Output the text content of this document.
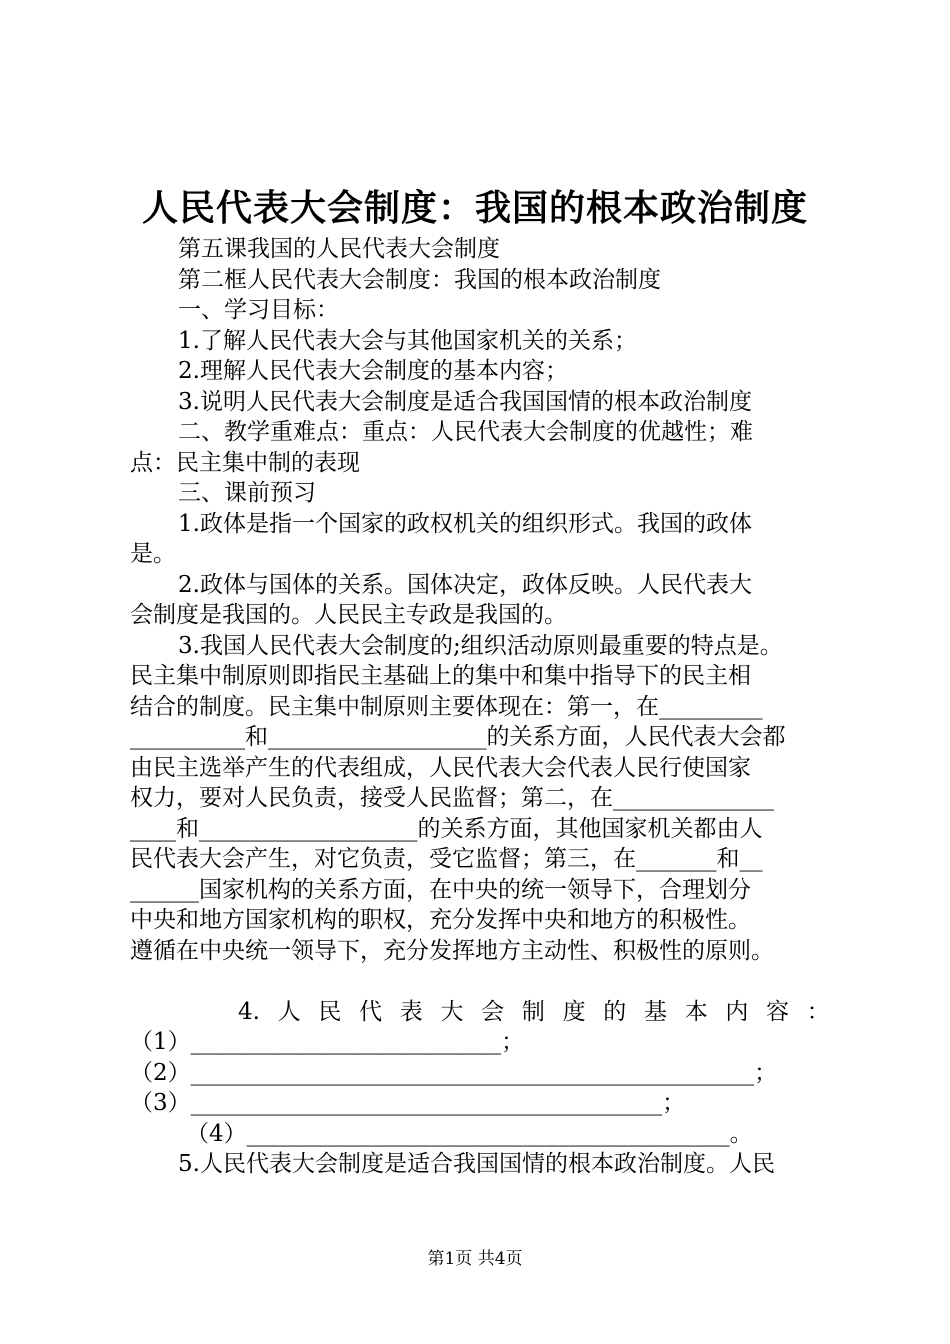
人民代表大会制度：我国的根本政治制度
第五课我国的人民代表大会制度
第二框人民代表大会制度：我国的根本政治制度
一、学习目标：
1.了解人民代表大会与其他国家机关的关系；
2.理解人民代表大会制度的基本内容；
3.说明人民代表大会制度是适合我国国情的根本政治制度
二、教学重难点：重点：人民代表大会制度的优越性；难
点：民主集中制的表现
三、课前预习
1.政体是指一个国家的政权机关的组织形式。我国的政体
是。
2.政体与国体的关系。国体决定，政体反映。人民代表大
会制度是我国的。人民民主专政是我国的。
3.我国人民代表大会制度的;组织活动原则最重要的特点是。
民主集中制原则即指民主基础上的集中和集中指导下的民主相
结合的制度。民主集中制原则主要体现在：第一，在_________
__________和___________________的关系方面，人民代表大会都
由民主选举产生的代表组成，人民代表大会代表人民行使国家
权力，要对人民负责，接受人民监督；第二，在______________
____和___________________的关系方面，其他国家机关都由人
民代表大会产生，对它负责，受它监督；第三，在_______和__
______国家机构的关系方面，在中央的统一领导下，合理划分
中央和地方国家机构的职权，充分发挥中央和地方的积极性。
遵循在中央统一领导下，充分发挥地方主动性、积极性的原则。
4. 人 民 代 表 大 会 制 度 的 基 本 内 容 ：
（1）___________________________；
（2）_________________________________________________；
（3）_________________________________________；
（4）__________________________________________。
5.人民代表大会制度是适合我国国情的根本政治制度。人民
第1页 共4页
